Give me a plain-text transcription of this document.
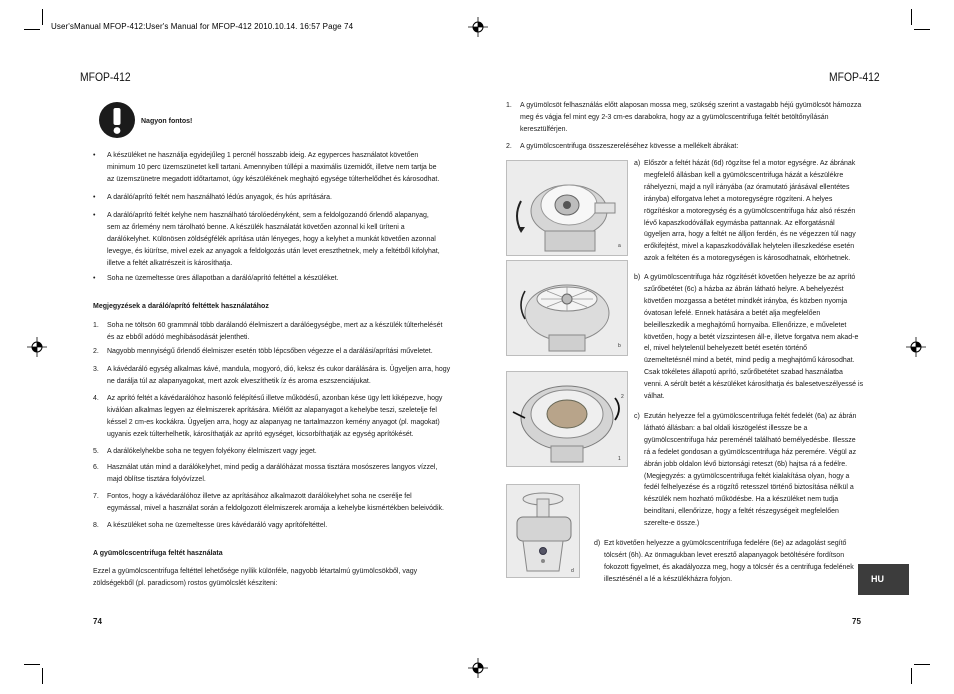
User'sManual MFOP-412:User's Manual for MFOP-412 2010.10.14. 16:57 Page 74
MFOP-412
Nagyon fontos!
• A készüléket ne használja egyidejűleg 1 percnél hosszabb ideig. Az egyperces használatot követően
minimum 10 perc üzemszünetet kell tartani. Amennyiben túllépi a maximális üzemidőt, illetve nem tartja be
az üzemszünetre megadott időtartamot, úgy készülékének meghajtó egysége túlterhelődhet és károsodhat.
• A daráló/aprító feltét nem használható lédús anyagok, és hús aprítására.
• A daráló/aprító feltét kelyhe nem használható tárolóedényként, sem a feldolgozandó őrlendő alapanyag,
sem az őrlemény nem tárolható benne. A készülék használatát követően azonnal ki kell üríteni a
darálókelyhet. Különösen zöldségfélék aprítása után lényeges, hogy a kelyhet a munkát követően azonnal
levegye, és kiürítse, mivel ezek az anyagok a feldolgozás után levet ereszthetnek, mely a feltétből kifolyhat,
illetve a feltét alkatrészeit is károsíthatja.
• Soha ne üzemeltesse üres állapotban a daráló/aprító feltéttel a készüléket.
Megjegyzések a daráló/aprító feltéttek használatához
1. Soha ne töltsön 60 grammnál több darálandó élelmiszert a darálóegységbe, mert az a készülék túlterhelését
és az ebből adódó meghibásodását jelentheti.
2. Nagyobb mennyiségű őrlendő élelmiszer esetén több lépcsőben végezze el a darálási/aprítási műveletet.
3. A kávédaráló egység alkalmas kávé, mandula, mogyoró, dió, keksz és cukor darálására is. Ügyeljen arra, hogy
ne darálja túl az alapanyagokat, mert azok elveszíthetik íz és aroma eszszenciájukat.
4. Az aprító feltét a kávédarálóhoz hasonló felépítésű illetve működésű, azonban kése ügy lett kiképezve, hogy
kiválóan alkalmas legyen az élelmiszerek aprítására. Miélőtt az alapanyagot a kehelybe teszi, szeletelje fel
késsel 2 cm-es kockákra. Ügyeljen arra, hogy az alapanyag ne tartalmazzon kemény anyagot (pl. magokat)
ugyanis ezek túlterhelhetik, károsíthatják az aprító egységet, kicsorbíthatják az egység aprítókését.
5. A darálókelyhekbe soha ne tegyen folyékony élelmiszert vagy jeget.
6. Használat után mind a darálókelyhet, mind pedig a darálóházat mossa tisztára mosószeres langyos vízzel,
majd öblítse tisztára folyóvízzel.
7. Fontos, hogy a kávédarálóhoz illetve az aprításához alkalmazott darálókelyhet soha ne cserélje fel
egymással, mivel a használat során a feldolgozott élelmiszerek aromája a kehelybe kismértékben beleivódik.
8. A készüléket soha ne üzemeltesse üres kávédaráló vagy aprítófeltéttel.
A gyümölcscentrifuga feltét használata
Ezzel a gyümölcscentrifuga feltéttel lehetősége nyílik különféle, nagyobb létartalmú gyümölcsökből, vagy
zöldségekből (pl. paradicsom) rostos gyümölcslét készíteni:
74
MFOP-412
1. A gyümölcsöt felhasználás előtt alaposan mossa meg, szükség szerint a vastagabb héjú gyümölcsöt hámozza
meg és vágja fel mint egy 2-3 cm-es darabokra, hogy az a gyümölcscentrifuga feltét betöltőnyílásán
keresztülférjen.
2. A gyümölcscentrifuga összeszereléséhez kövesse a mellékelt ábrákat:
a) Először a feltét házát (6d) rögzítse fel a motor egységre. Az ábrának
megfelelő állásban kell a gyümölcscentrifuga házát a készülékre
ráhelyezni, majd a nyíl irányába (az óramutató járásával ellentétes
irányba) elforgatva lehet a motoregységre rögzíteni. A helyes
rögzítéskor a motoregység és a gyümölcscentrifuga ház alsó részén
lévő kapaszkodóvállak egymásba pattannak. Az elforgatásnál
ügyeljen arra, hogy a feltét ne álljon ferdén, és ne végezzen túl nagy
erőkifejtést, mivel a kapaszkodóvállak helytelen illeszkedése esetén
azok a feltéten és a motoregységen is károsodhatnak, eltörhetnek.
b) A gyümölcscentrifuga ház rögzítését követően helyezze be az aprító
szűrőbetétet (6c) a házba az ábrán látható helyre. A behelyezést
követően mozgassa a betétet mindkét irányba, és közben nyomja
óvatosan lefelé. Ennek hatására a betét alja megfelelően
beleilleszkedik a meghajtómű hornyaiba. Ellenőrizze, e műveletet
követően, hogy a betét vízszintesen áll-e, illetve forgatva nem akad-e
el, mivel helytelenül behelyezett betét esetén történő
üzemeltetésnél mind a betét, mind pedig a meghajtómű károsodhat.
Csak tökéletes állapotú aprító, szűrőbetétet szabad használatba
venni. A sérült betét a készüléket károsíthatja és balesetveszélyessé is
válhat.
c) Ezután helyezze fel a gyümölcscentrifuga feltét fedelét (6a) az ábrán
látható állásban: a bal oldali kiszögelést illessze be a
gyümölcscentrifuga ház pereménél található bemélyedésbe. Illessze
rá a fedelet gondosan a gyümölcscentrifuga ház peremére. Végül az
ábrán jobb oldalon lévő biztonsági reteszt (6b) hajtsa rá a fedélre.
(Megjegyzés: a gyümölcscentrifuga feltét kialakítása olyan, hogy a
fedél felhelyezése és a rögzítő retesszel történő biztosítása nélkül a
készülék nem hozható működésbe. Ha a készüléket nem tudja
beindítani, ellenőrizze, hogy a feltét részegységeit megfelelően
szerelte-e össze.)
d) Ezt követően helyezze a gyümölcscentrifuga fedelére (6e) az adagolást segítő
tölcsért (6h). Az önmagukban levet eresztő alapanyagok betöltésére fordítson
fokozott figyelmet, és akadályozza meg, hogy a tölcsér és a centrifuga fedelének
illesztésénél a lé a készülékházra folyjon.
a
b
1
2
d
HU
75
